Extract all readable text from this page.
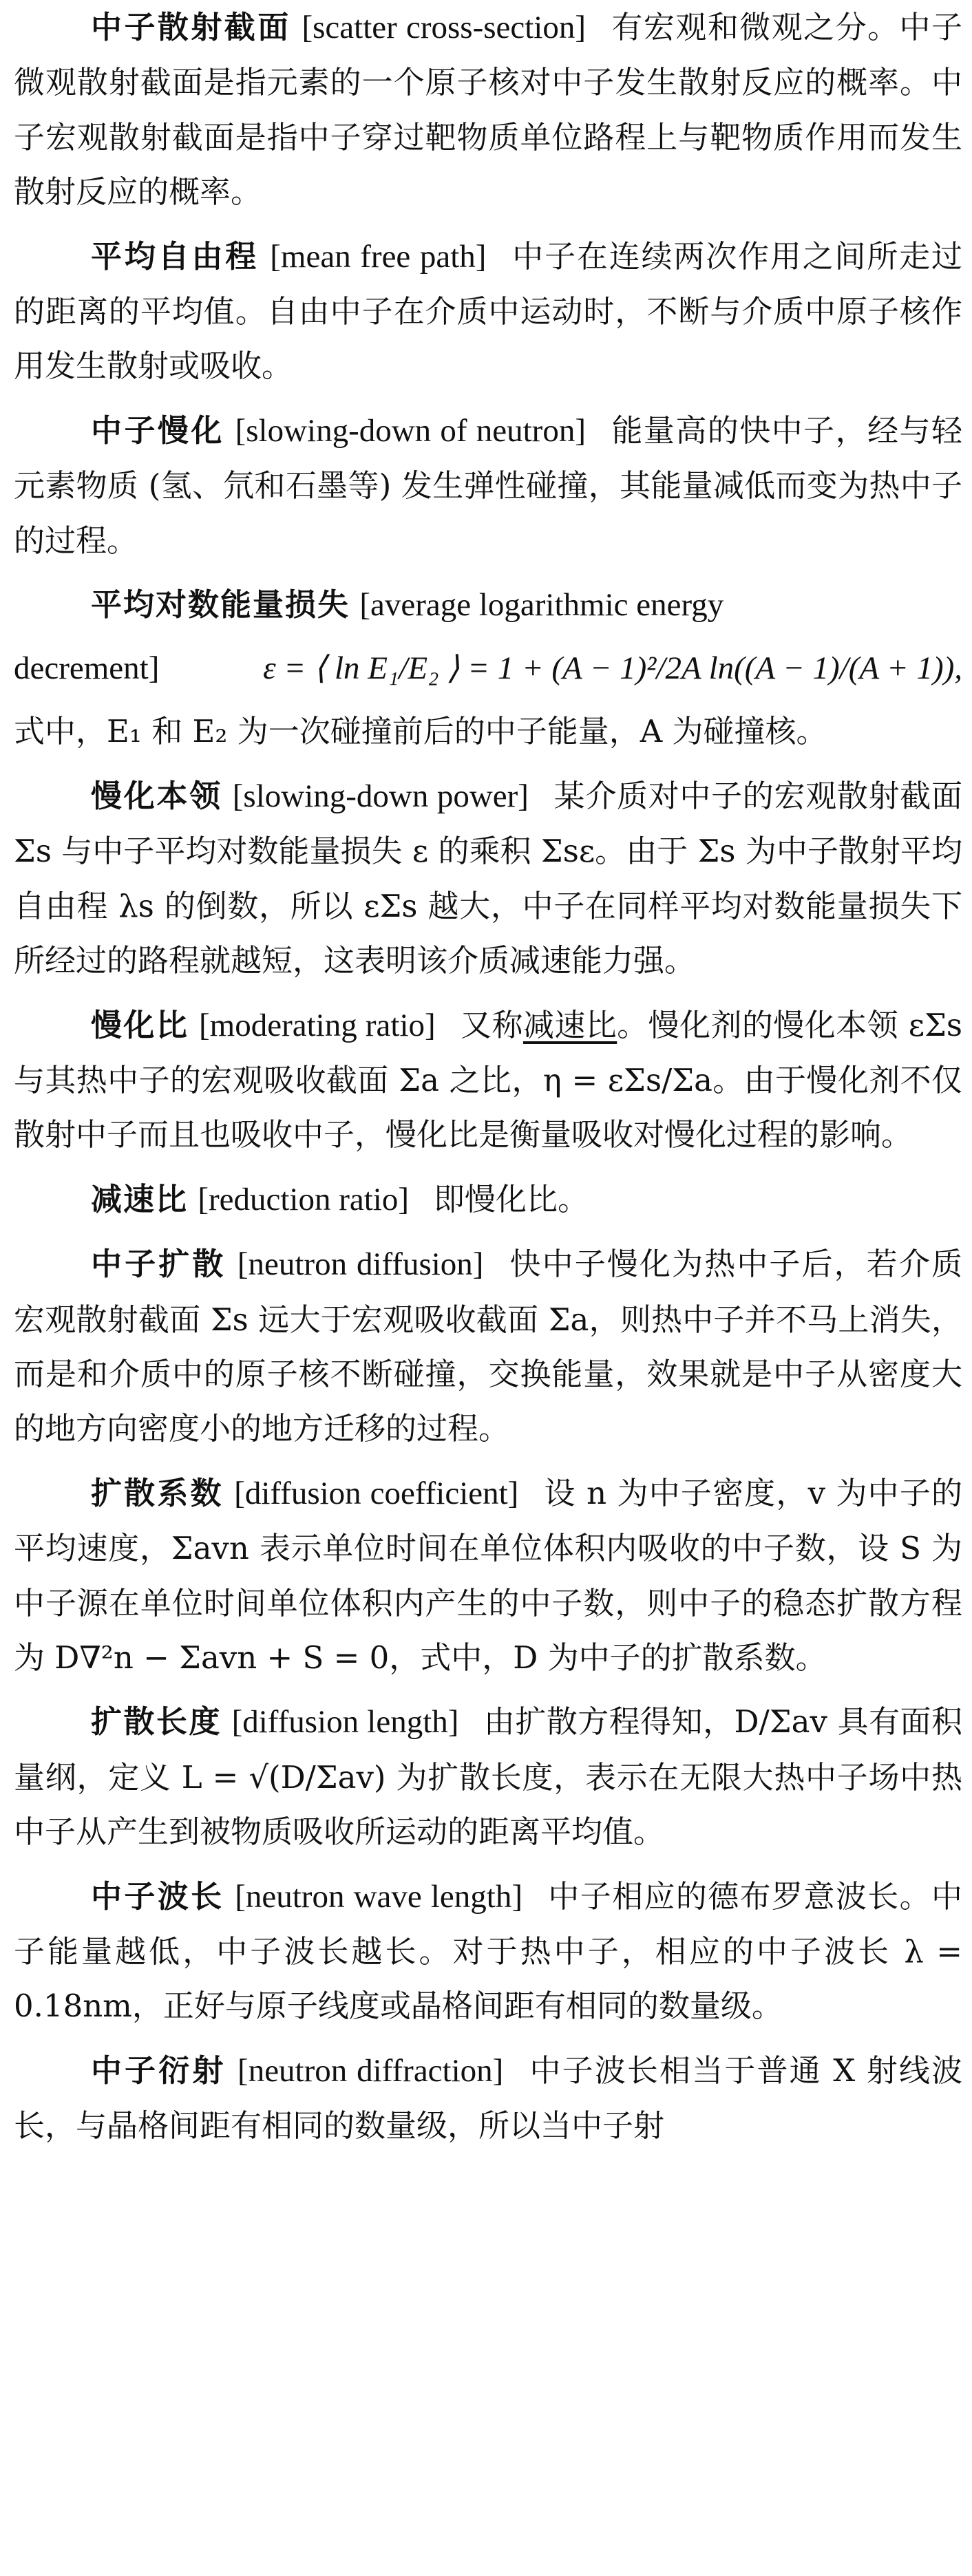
中子散射截面 [scatter cross-section] 有宏观和微观之分。中子微观散射截面是指元素的一个原子核对中子发生散射反应的概率。中子宏观散射截面是指中子穿过靶物质单位路程上与靶物质作用而发生散射反应的概率。

平均自由程 [mean free path] 中子在连续两次作用之间所走过的距离的平均值。自由中子在介质中运动时，不断与介质中原子核作用发生散射或吸收。

中子慢化 [slowing-down of neutron] 能量高的快中子，经与轻元素物质 (氢、氘和石墨等) 发生弹性碰撞，其能量减低而变为热中子的过程。

平均对数能量损失 [average logarithmic energy

decrement]	ε = ⟨ ln E₁/E₂ ⟩ = 1 + (A − 1)²/2A ln((A − 1)/(A + 1)),

式中，E₁ 和 E₂ 为一次碰撞前后的中子能量，A 为碰撞核。

慢化本领 [slowing-down power] 某介质对中子的宏观散射截面 Σs 与中子平均对数能量损失 ε 的乘积 Σsε。由于 Σs 为中子散射平均自由程 λs 的倒数，所以 εΣs 越大，中子在同样平均对数能量损失下所经过的路程就越短，这表明该介质减速能力强。

慢化比 [moderating ratio] 又称减速比。慢化剂的慢化本领 εΣs 与其热中子的宏观吸收截面 Σa 之比，η = εΣs/Σa。由于慢化剂不仅散射中子而且也吸收中子，慢化比是衡量吸收对慢化过程的影响。

减速比 [reduction ratio] 即慢化比。

中子扩散 [neutron diffusion] 快中子慢化为热中子后，若介质宏观散射截面 Σs 远大于宏观吸收截面 Σa，则热中子并不马上消失，而是和介质中的原子核不断碰撞，交换能量，效果就是中子从密度大的地方向密度小的地方迁移的过程。

扩散系数 [diffusion coefficient] 设 n 为中子密度，v 为中子的平均速度，Σavn 表示单位时间在单位体积内吸收的中子数，设 S 为中子源在单位时间单位体积内产生的中子数，则中子的稳态扩散方程为 D∇²n − Σavn + S = 0，式中，D 为中子的扩散系数。

扩散长度 [diffusion length] 由扩散方程得知，D/Σav 具有面积量纲，定义 L = √(D/Σav) 为扩散长度，表示在无限大热中子场中热中子从产生到被物质吸收所运动的距离平均值。

中子波长 [neutron wave length] 中子相应的德布罗意波长。中子能量越低，中子波长越长。对于热中子，相应的中子波长 λ = 0.18nm，正好与原子线度或晶格间距有相同的数量级。

中子衍射 [neutron diffraction] 中子波长相当于普通 X 射线波长，与晶格间距有相同的数量级，所以当中子射
